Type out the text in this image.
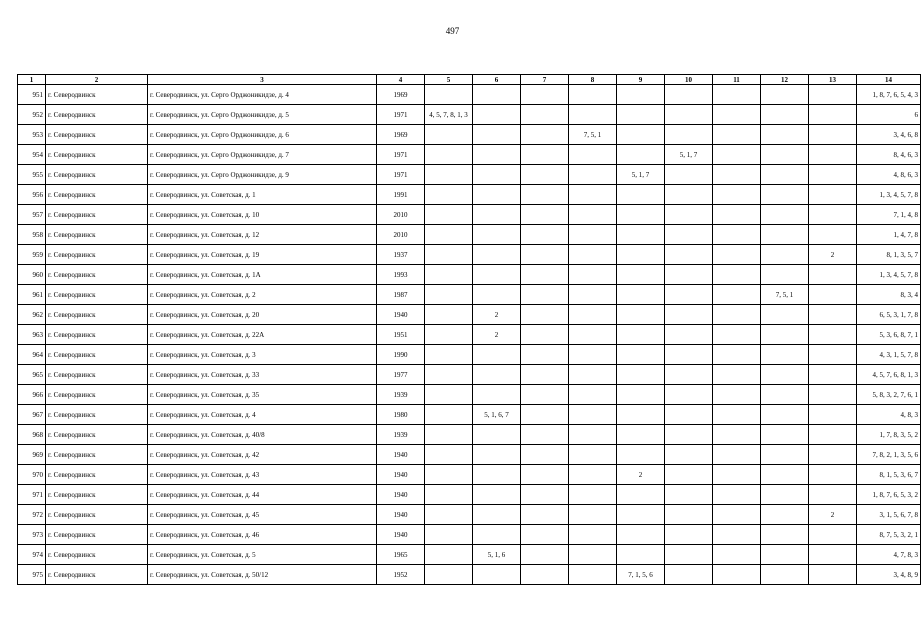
497
1	2	3	4	5	6	7	8	9	10	11	12	13	14
951	г. Северодвинск	г. Северодвинск, ул. Серго Орджоникидзе, д. 4	1969										1, 8, 7, 6, 5, 4, 3
952	г. Северодвинск	г. Северодвинск, ул. Серго Орджоникидзе, д. 5	1971	4, 5, 7, 8, 1, 3									6
953	г. Северодвинск	г. Северодвинск, ул. Серго Орджоникидзе, д. 6	1969				7, 5, 1						3, 4, 6, 8
954	г. Северодвинск	г. Северодвинск, ул. Серго Орджоникидзе, д. 7	1971						5, 1, 7				8, 4, 6, 3
955	г. Северодвинск	г. Северодвинск, ул. Серго Орджоникидзе, д. 9	1971					5, 1, 7					4, 8, 6, 3
956	г. Северодвинск	г. Северодвинск, ул. Советская, д. 1	1991										1, 3, 4, 5, 7, 8
957	г. Северодвинск	г. Северодвинск, ул. Советская, д. 10	2010										7, 1, 4, 8
958	г. Северодвинск	г. Северодвинск, ул. Советская, д. 12	2010										1, 4, 7, 8
959	г. Северодвинск	г. Северодвинск, ул. Советская, д. 19	1937									2	8, 1, 3, 5, 7
960	г. Северодвинск	г. Северодвинск, ул. Советская, д. 1А	1993										1, 3, 4, 5, 7, 8
961	г. Северодвинск	г. Северодвинск, ул. Советская, д. 2	1987								7, 5, 1		8, 3, 4
962	г. Северодвинск	г. Северодвинск, ул. Советская, д. 20	1940		2								6, 5, 3, 1, 7, 8
963	г. Северодвинск	г. Северодвинск, ул. Советская, д. 22А	1951		2								5, 3, 6, 8, 7, 1
964	г. Северодвинск	г. Северодвинск, ул. Советская, д. 3	1990										4, 3, 1, 5, 7, 8
965	г. Северодвинск	г. Северодвинск, ул. Советская, д. 33	1977										4, 5, 7, 6, 8, 1, 3
966	г. Северодвинск	г. Северодвинск, ул. Советская, д. 35	1939										5, 8, 3, 2, 7, 6, 1
967	г. Северодвинск	г. Северодвинск, ул. Советская, д. 4	1980		5, 1, 6, 7								4, 8, 3
968	г. Северодвинск	г. Северодвинск, ул. Советская, д. 40/8	1939										1, 7, 8, 3, 5, 2
969	г. Северодвинск	г. Северодвинск, ул. Советская, д. 42	1940										7, 8, 2, 1, 3, 5, 6
970	г. Северодвинск	г. Северодвинск, ул. Советская, д. 43	1940					2					8, 1, 5, 3, 6, 7
971	г. Северодвинск	г. Северодвинск, ул. Советская, д. 44	1940										1, 8, 7, 6, 5, 3, 2
972	г. Северодвинск	г. Северодвинск, ул. Советская, д. 45	1940									2	3, 1, 5, 6, 7, 8
973	г. Северодвинск	г. Северодвинск, ул. Советская, д. 46	1940										8, 7, 5, 3, 2, 1
974	г. Северодвинск	г. Северодвинск, ул. Советская, д. 5	1965		5, 1, 6								4, 7, 8, 3
975	г. Северодвинск	г. Северодвинск, ул. Советская, д. 50/12	1952					7, 1, 5, 6					3, 4, 8, 9
